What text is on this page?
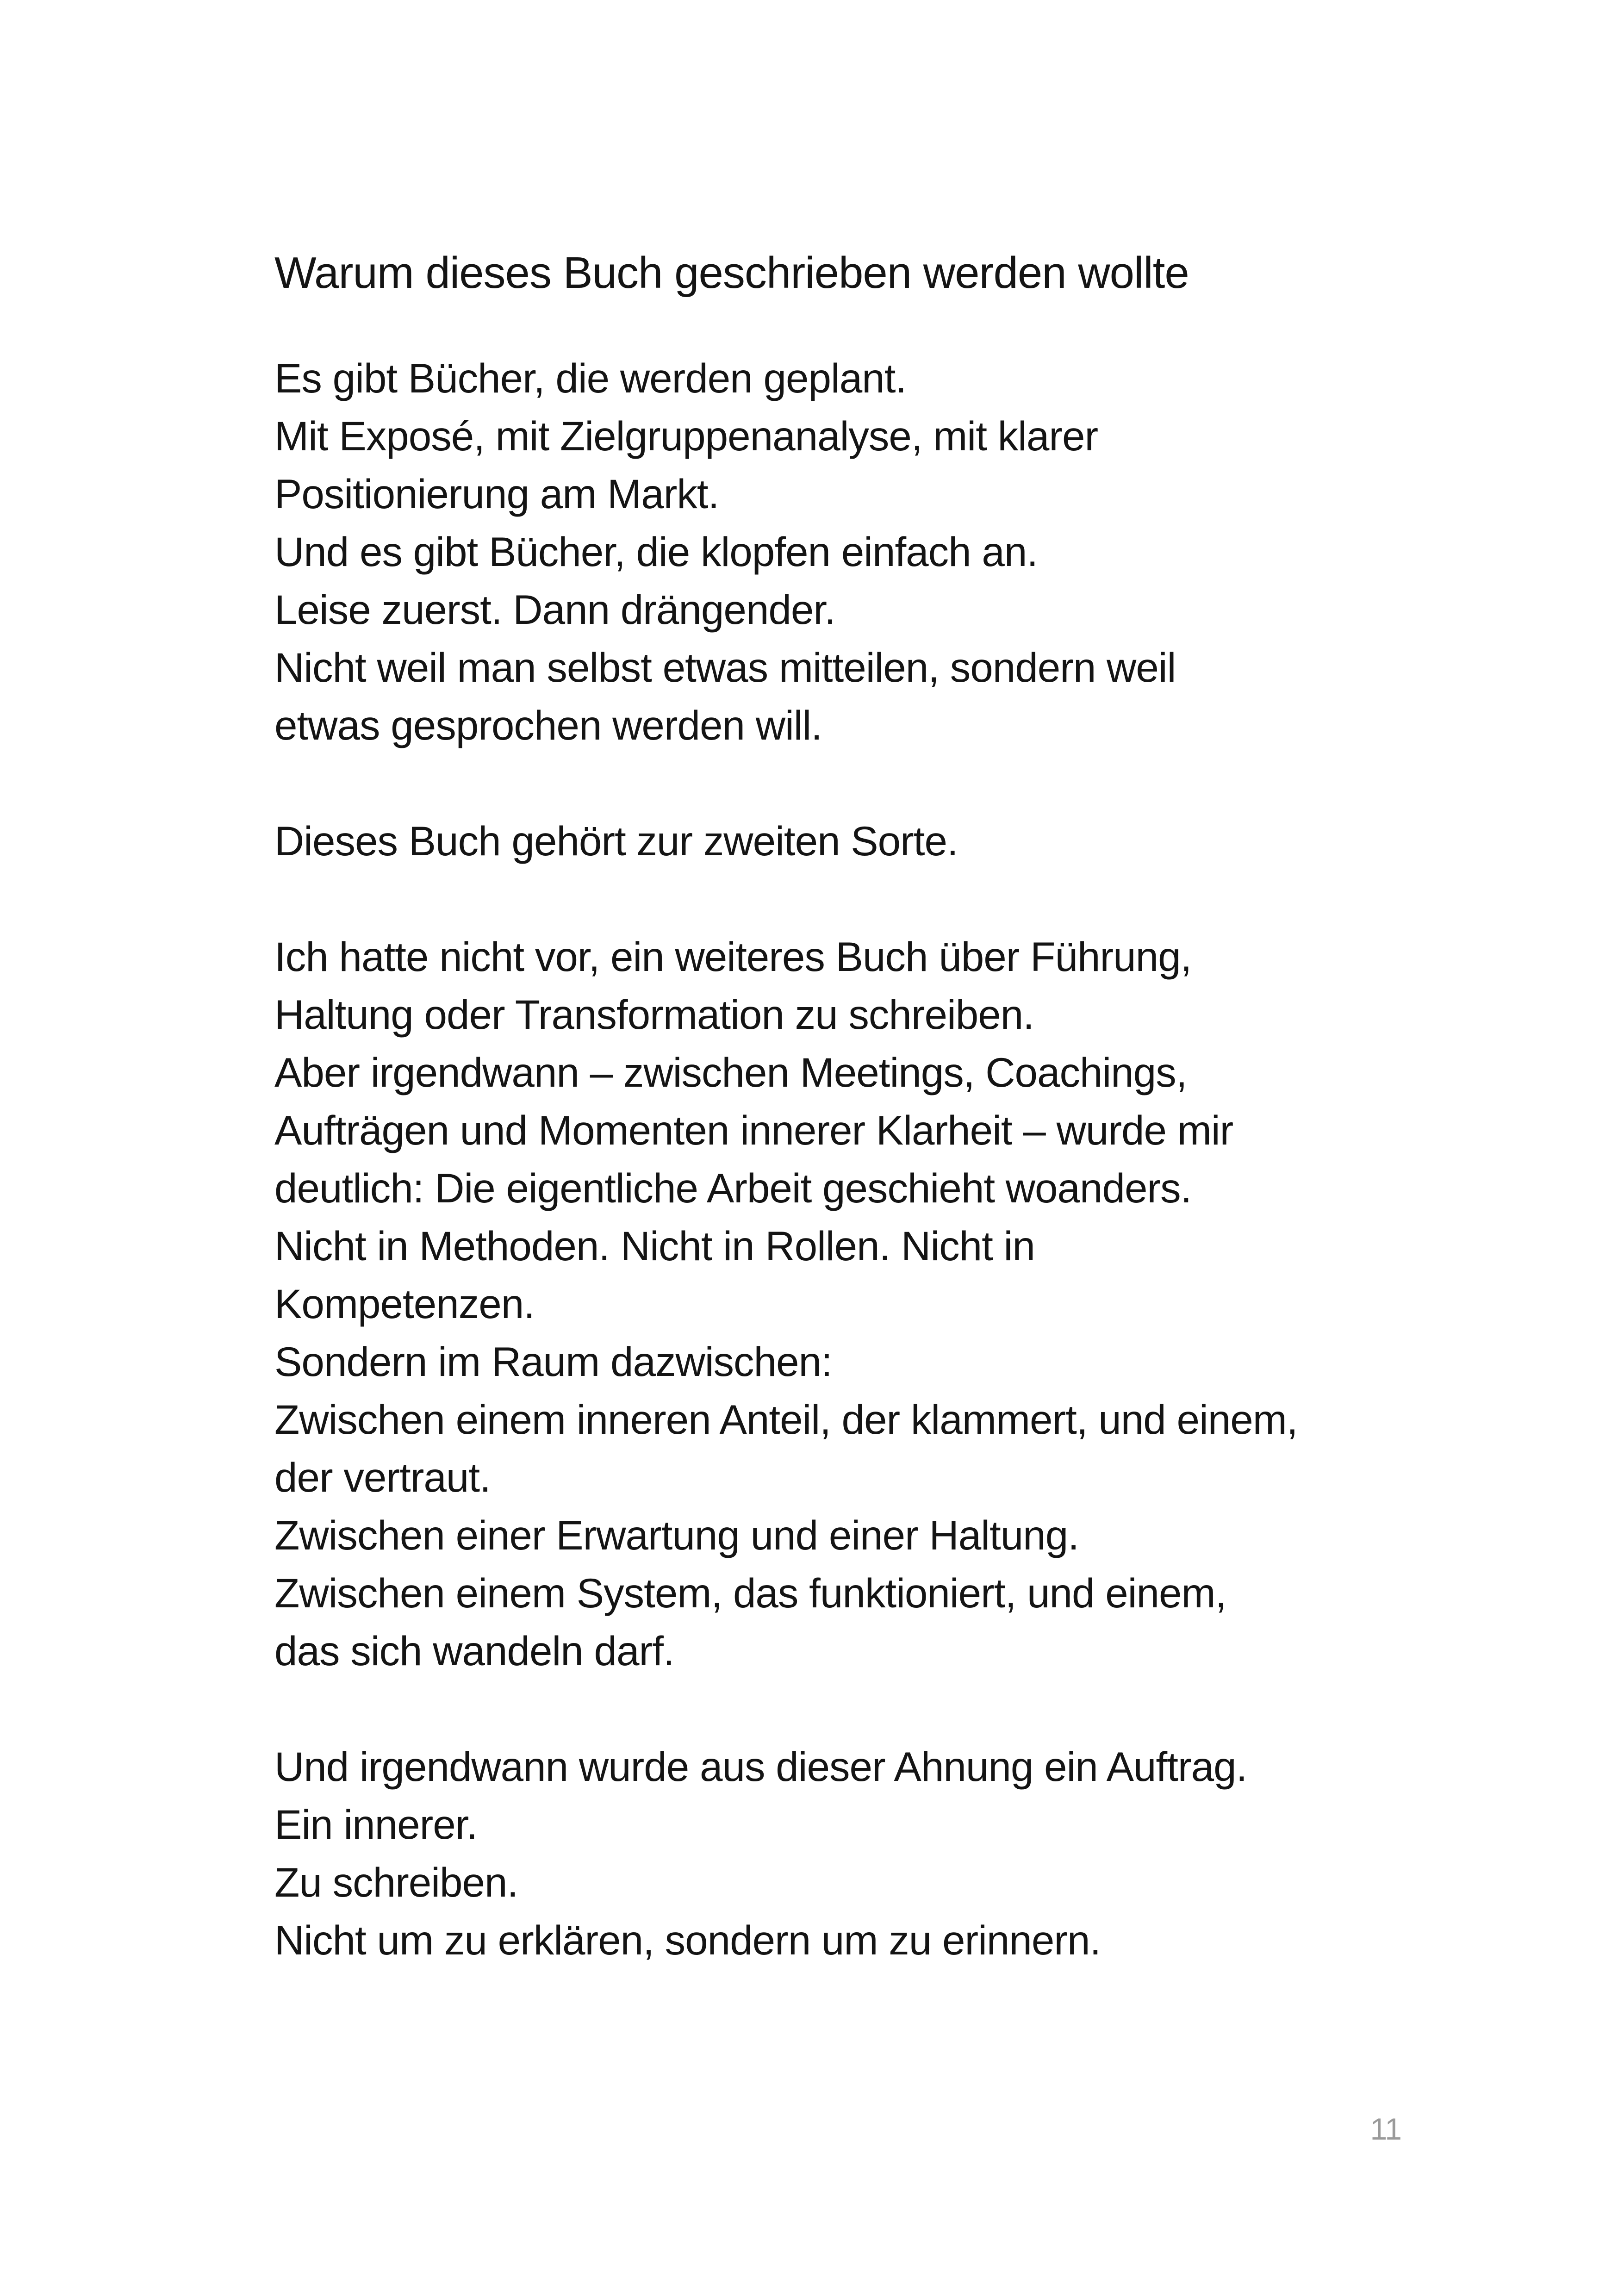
Warum dieses Buch geschrieben werden wollte

Es gibt Bücher, die werden geplant.

Mit Exposé, mit Zielgruppenanalyse, mit klarer

Positionierung am Markt.

Und es gibt Bücher, die klopfen einfach an.

Leise zuerst. Dann drängender.

Nicht weil man selbst etwas mitteilen, sondern weil

etwas gesprochen werden will.

Dieses Buch gehört zur zweiten Sorte.

Ich hatte nicht vor, ein weiteres Buch über Führung,

Haltung oder Transformation zu schreiben.

Aber irgendwann – zwischen Meetings, Coachings,

Aufträgen und Momenten innerer Klarheit – wurde mir

deutlich: Die eigentliche Arbeit geschieht woanders.

Nicht in Methoden. Nicht in Rollen. Nicht in

Kompetenzen.

Sondern im Raum dazwischen:

Zwischen einem inneren Anteil, der klammert, und einem,

der vertraut.

Zwischen einer Erwartung und einer Haltung.

Zwischen einem System, das funktioniert, und einem,

das sich wandeln darf.

Und irgendwann wurde aus dieser Ahnung ein Auftrag.

Ein innerer.

Zu schreiben.

Nicht um zu erklären, sondern um zu erinnern.

11
